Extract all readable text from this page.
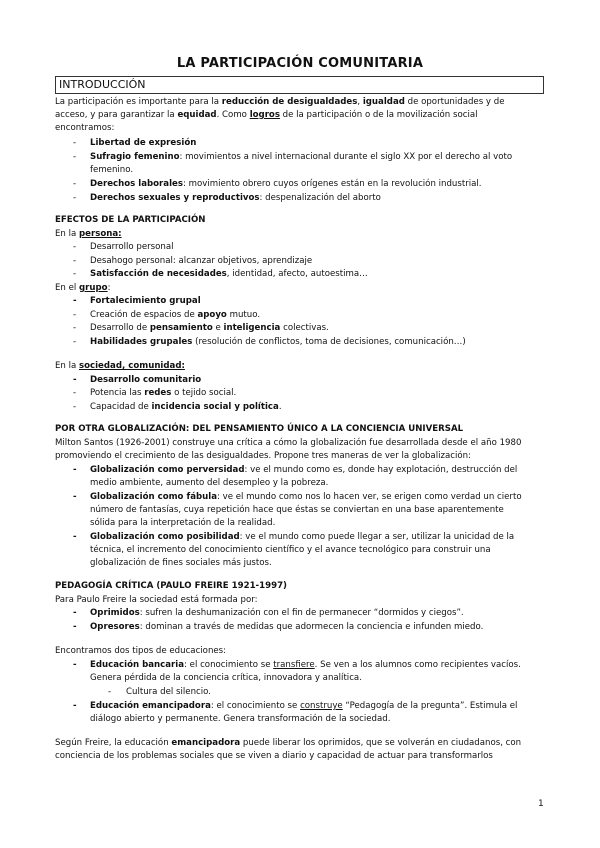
LA PARTICIPACIÓN COMUNITARIA
INTRODUCCIÓN
La participación es importante para la reducción de desigualdades, igualdad de oportunidades y de
acceso, y para garantizar la equidad. Como logros de la participación o de la movilización social
encontramos:
- Libertad de expresión
- Sufragio femenino: movimientos a nivel internacional durante el siglo XX por el derecho al voto
femenino.
- Derechos laborales: movimiento obrero cuyos orígenes están en la revolución industrial.
- Derechos sexuales y reproductivos: despenalización del aborto
EFECTOS DE LA PARTICIPACIÓN
En la persona:
- Desarrollo personal
- Desahogo personal: alcanzar objetivos, aprendizaje
- Satisfacción de necesidades, identidad, afecto, autoestima…
En el grupo:
- Fortalecimiento grupal
- Creación de espacios de apoyo mutuo.
- Desarrollo de pensamiento e inteligencia colectivas.
- Habilidades grupales (resolución de conflictos, toma de decisiones, comunicación…)
En la sociedad, comunidad:
- Desarrollo comunitario
- Potencia las redes o tejido social.
- Capacidad de incidencia social y política.
POR OTRA GLOBALIZACIÓN: DEL PENSAMIENTO ÚNICO A LA CONCIENCIA UNIVERSAL
Milton Santos (1926-2001) construye una crítica a cómo la globalización fue desarrollada desde el año 1980
promoviendo el crecimiento de las desigualdades. Propone tres maneras de ver la globalización:
- Globalización como perversidad: ve el mundo como es, donde hay explotación, destrucción del
medio ambiente, aumento del desempleo y la pobreza.
- Globalización como fábula: ve el mundo como nos lo hacen ver, se erigen como verdad un cierto
número de fantasías, cuya repetición hace que éstas se conviertan en una base aparentemente
sólida para la interpretación de la realidad.
- Globalización como posibilidad: ve el mundo como puede llegar a ser, utilizar la unicidad de la
técnica, el incremento del conocimiento científico y el avance tecnológico para construir una
globalización de fines sociales más justos.
PEDAGOGÍA CRÍTICA (PAULO FREIRE 1921-1997)
Para Paulo Freire la sociedad está formada por:
- Oprimidos: sufren la deshumanización con el fin de permanecer “dormidos y ciegos”.
- Opresores: dominan a través de medidas que adormecen la conciencia e infunden miedo.
Encontramos dos tipos de educaciones:
- Educación bancaria: el conocimiento se transfiere. Se ven a los alumnos como recipientes vacíos.
Genera pérdida de la conciencia crítica, innovadora y analítica.
- Cultura del silencio.
- Educación emancipadora: el conocimiento se construye “Pedagogía de la pregunta”. Estimula el
diálogo abierto y permanente. Genera transformación de la sociedad.
Según Freire, la educación emancipadora puede liberar los oprimidos, que se volverán en ciudadanos, con
conciencia de los problemas sociales que se viven a diario y capacidad de actuar para transformarlos
1
